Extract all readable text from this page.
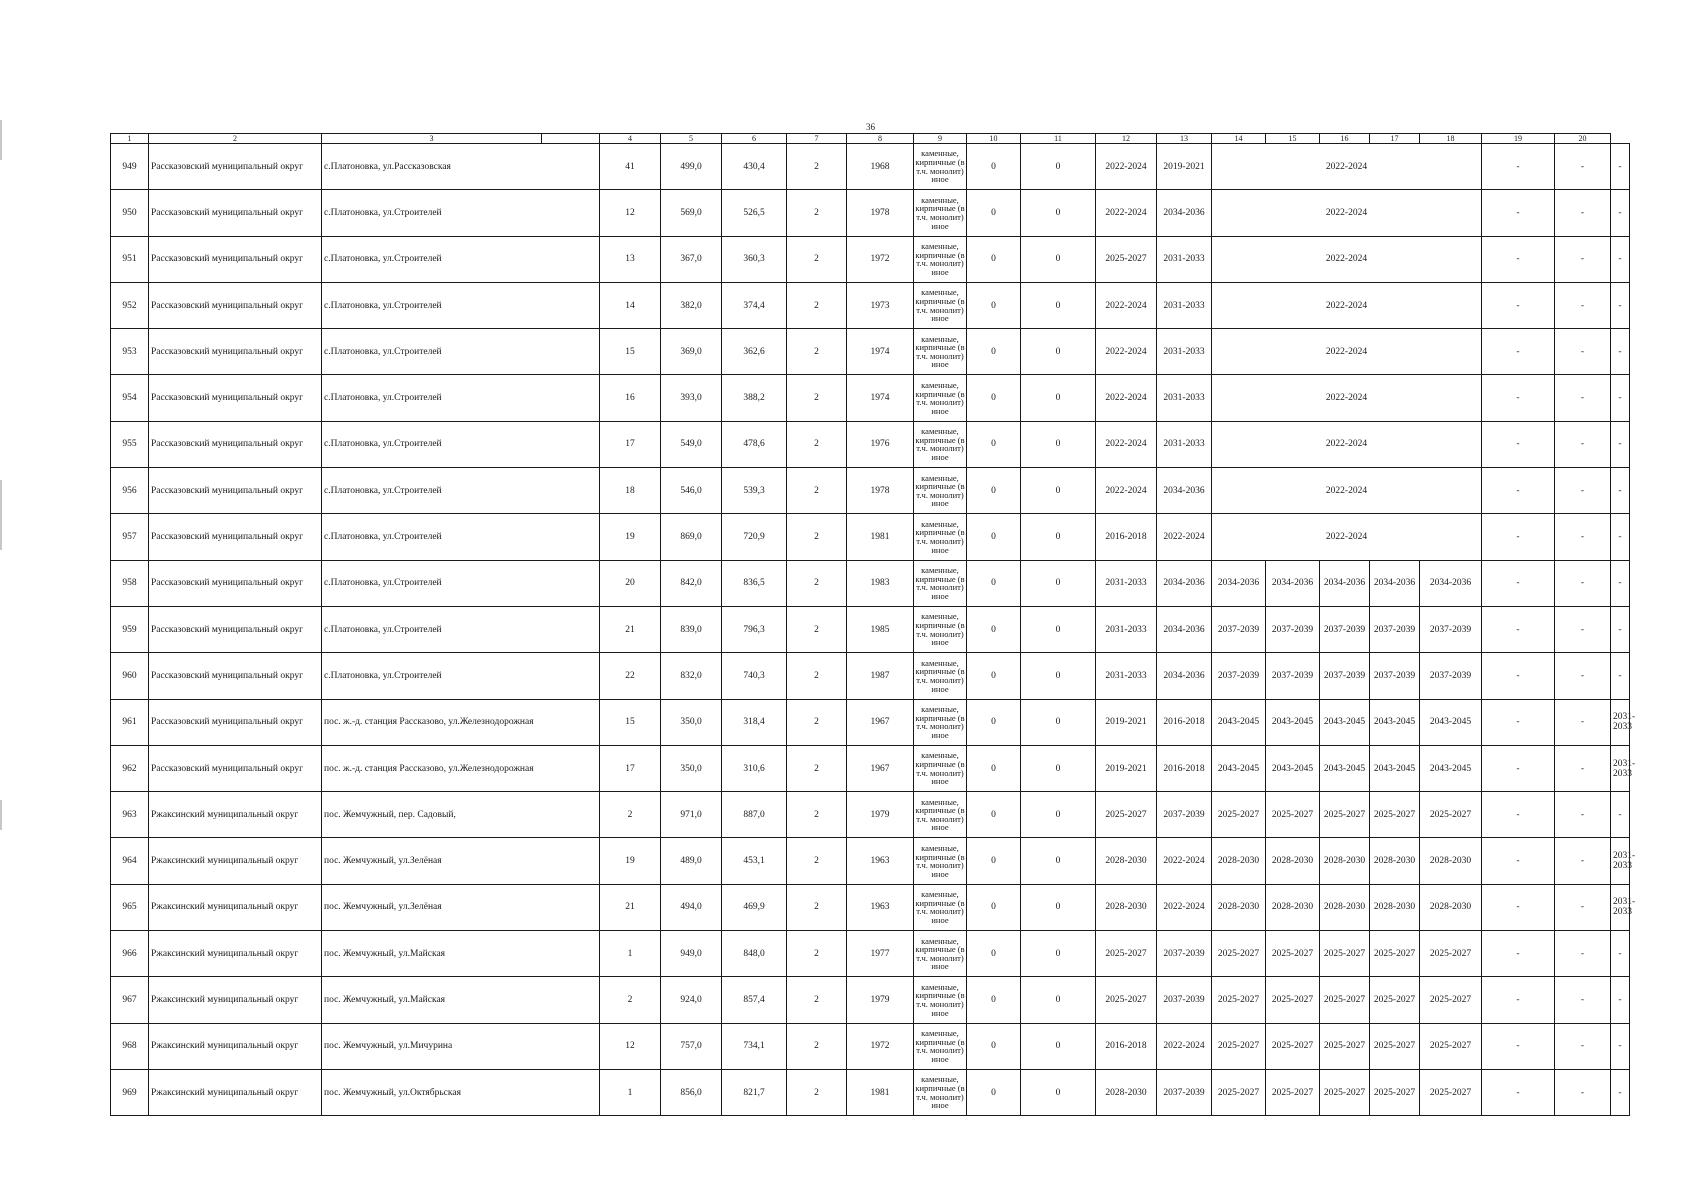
36
1	2	3		4	5	6	7	8	9	10	11	12	13	14	15	16	17	18	19	20	
949	Рассказовский муниципальный округ	с.Платоновка, ул.Рассказовская		41	499,0	430,4	2	1968	каменные, кирпичные (в т.ч. монолит) иное	0	0	2022-2024	2019-2021	2022-2024					-	-	-
950	Рассказовский муниципальный округ	с.Платоновка, ул.Строителей		12	569,0	526,5	2	1978	каменные, кирпичные (в т.ч. монолит) иное	0	0	2022-2024	2034-2036	2022-2024					-	-	-
951	Рассказовский муниципальный округ	с.Платоновка, ул.Строителей		13	367,0	360,3	2	1972	каменные, кирпичные (в т.ч. монолит) иное	0	0	2025-2027	2031-2033	2022-2024					-	-	-
952	Рассказовский муниципальный округ	с.Платоновка, ул.Строителей		14	382,0	374,4	2	1973	каменные, кирпичные (в т.ч. монолит) иное	0	0	2022-2024	2031-2033	2022-2024					-	-	-
953	Рассказовский муниципальный округ	с.Платоновка, ул.Строителей		15	369,0	362,6	2	1974	каменные, кирпичные (в т.ч. монолит) иное	0	0	2022-2024	2031-2033	2022-2024					-	-	-
954	Рассказовский муниципальный округ	с.Платоновка, ул.Строителей		16	393,0	388,2	2	1974	каменные, кирпичные (в т.ч. монолит) иное	0	0	2022-2024	2031-2033	2022-2024					-	-	-
955	Рассказовский муниципальный округ	с.Платоновка, ул.Строителей		17	549,0	478,6	2	1976	каменные, кирпичные (в т.ч. монолит) иное	0	0	2022-2024	2031-2033	2022-2024					-	-	-
956	Рассказовский муниципальный округ	с.Платоновка, ул.Строителей		18	546,0	539,3	2	1978	каменные, кирпичные (в т.ч. монолит) иное	0	0	2022-2024	2034-2036	2022-2024					-	-	-
957	Рассказовский муниципальный округ	с.Платоновка, ул.Строителей		19	869,0	720,9	2	1981	каменные, кирпичные (в т.ч. монолит) иное	0	0	2016-2018	2022-2024	2022-2024					-	-	-
958	Рассказовский муниципальный округ	с.Платоновка, ул.Строителей		20	842,0	836,5	2	1983	каменные, кирпичные (в т.ч. монолит) иное	0	0	2031-2033	2034-2036	2034-2036	2034-2036	2034-2036	2034-2036	2034-2036	-	-	-
959	Рассказовский муниципальный округ	с.Платоновка, ул.Строителей		21	839,0	796,3	2	1985	каменные, кирпичные (в т.ч. монолит) иное	0	0	2031-2033	2034-2036	2037-2039	2037-2039	2037-2039	2037-2039	2037-2039	-	-	-
960	Рассказовский муниципальный округ	с.Платоновка, ул.Строителей		22	832,0	740,3	2	1987	каменные, кирпичные (в т.ч. монолит) иное	0	0	2031-2033	2034-2036	2037-2039	2037-2039	2037-2039	2037-2039	2037-2039	-	-	-
961	Рассказовский муниципальный округ	пос. ж.-д. станция Рассказово, ул.Железнодорожная		15	350,0	318,4	2	1967	каменные, кирпичные (в т.ч. монолит) иное	0	0	2019-2021	2016-2018	2043-2045	2043-2045	2043-2045	2043-2045	2043-2045	-	-	2031-2033
962	Рассказовский муниципальный округ	пос. ж.-д. станция Рассказово, ул.Железнодорожная		17	350,0	310,6	2	1967	каменные, кирпичные (в т.ч. монолит) иное	0	0	2019-2021	2016-2018	2043-2045	2043-2045	2043-2045	2043-2045	2043-2045	-	-	2031-2033
963	Ржаксинский муниципальный округ	пос. Жемчужный, пер. Садовый,		2	971,0	887,0	2	1979	каменные, кирпичные (в т.ч. монолит) иное	0	0	2025-2027	2037-2039	2025-2027	2025-2027	2025-2027	2025-2027	2025-2027	-	-	-
964	Ржаксинский муниципальный округ	пос. Жемчужный, ул.Зелёная		19	489,0	453,1	2	1963	каменные, кирпичные (в т.ч. монолит) иное	0	0	2028-2030	2022-2024	2028-2030	2028-2030	2028-2030	2028-2030	2028-2030	-	-	2031-2033
965	Ржаксинский муниципальный округ	пос. Жемчужный, ул.Зелёная		21	494,0	469,9	2	1963	каменные, кирпичные (в т.ч. монолит) иное	0	0	2028-2030	2022-2024	2028-2030	2028-2030	2028-2030	2028-2030	2028-2030	-	-	2031-2033
966	Ржаксинский муниципальный округ	пос. Жемчужный, ул.Майская		1	949,0	848,0	2	1977	каменные, кирпичные (в т.ч. монолит) иное	0	0	2025-2027	2037-2039	2025-2027	2025-2027	2025-2027	2025-2027	2025-2027	-	-	-
967	Ржаксинский муниципальный округ	пос. Жемчужный, ул.Майская		2	924,0	857,4	2	1979	каменные, кирпичные (в т.ч. монолит) иное	0	0	2025-2027	2037-2039	2025-2027	2025-2027	2025-2027	2025-2027	2025-2027	-	-	-
968	Ржаксинский муниципальный округ	пос. Жемчужный, ул.Мичурина		12	757,0	734,1	2	1972	каменные, кирпичные (в т.ч. монолит) иное	0	0	2016-2018	2022-2024	2025-2027	2025-2027	2025-2027	2025-2027	2025-2027	-	-	-
969	Ржаксинский муниципальный округ	пос. Жемчужный, ул.Октябрьская		1	856,0	821,7	2	1981	каменные, кирпичные (в т.ч. монолит) иное	0	0	2028-2030	2037-2039	2025-2027	2025-2027	2025-2027	2025-2027	2025-2027	-	-	-
